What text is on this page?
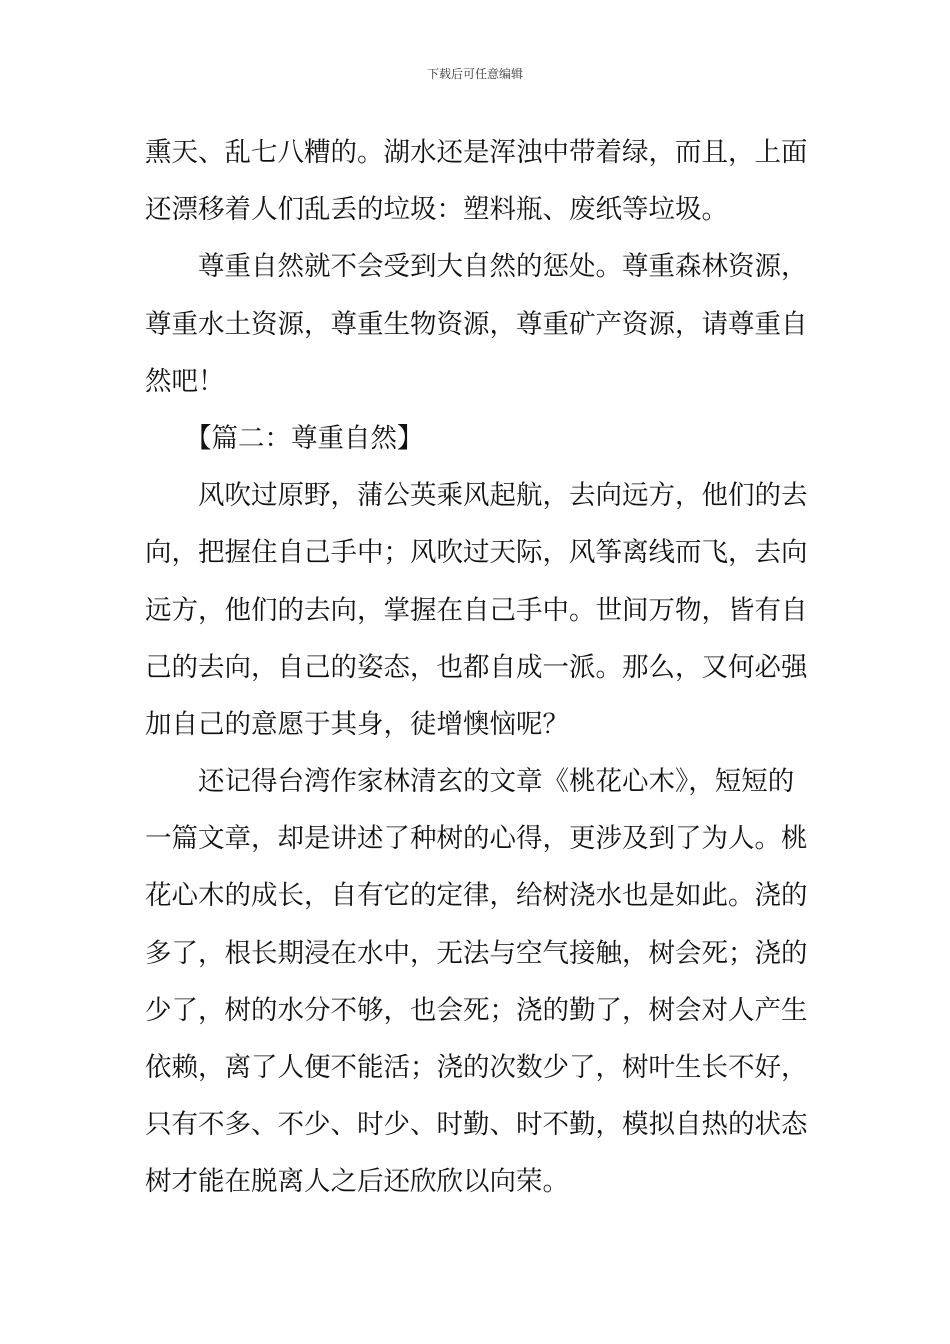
下载后可任意编辑
熏天、乱七八糟的。湖水还是浑浊中带着绿，而且，上面
还漂移着人们乱丢的垃圾：塑料瓶、废纸等垃圾。
尊重自然就不会受到大自然的惩处。尊重森林资源，
尊重水土资源，尊重生物资源，尊重矿产资源，请尊重自
然吧！
【篇二：尊重自然】
风吹过原野，蒲公英乘风起航，去向远方，他们的去
向，把握住自己手中；风吹过天际，风筝离线而飞，去向
远方，他们的去向，掌握在自己手中。世间万物，皆有自
己的去向，自己的姿态，也都自成一派。那么，又何必强
加自己的意愿于其身，徒增懊恼呢？
还记得台湾作家林清玄的文章《桃花心木》，短短的
一篇文章，却是讲述了种树的心得，更涉及到了为人。桃
花心木的成长，自有它的定律，给树浇水也是如此。浇的
多了，根长期浸在水中，无法与空气接触，树会死；浇的
少了，树的水分不够，也会死；浇的勤了，树会对人产生
依赖，离了人便不能活；浇的次数少了，树叶生长不好，
只有不多、不少、时少、时勤、时不勤，模拟自热的状态
树才能在脱离人之后还欣欣以向荣。
